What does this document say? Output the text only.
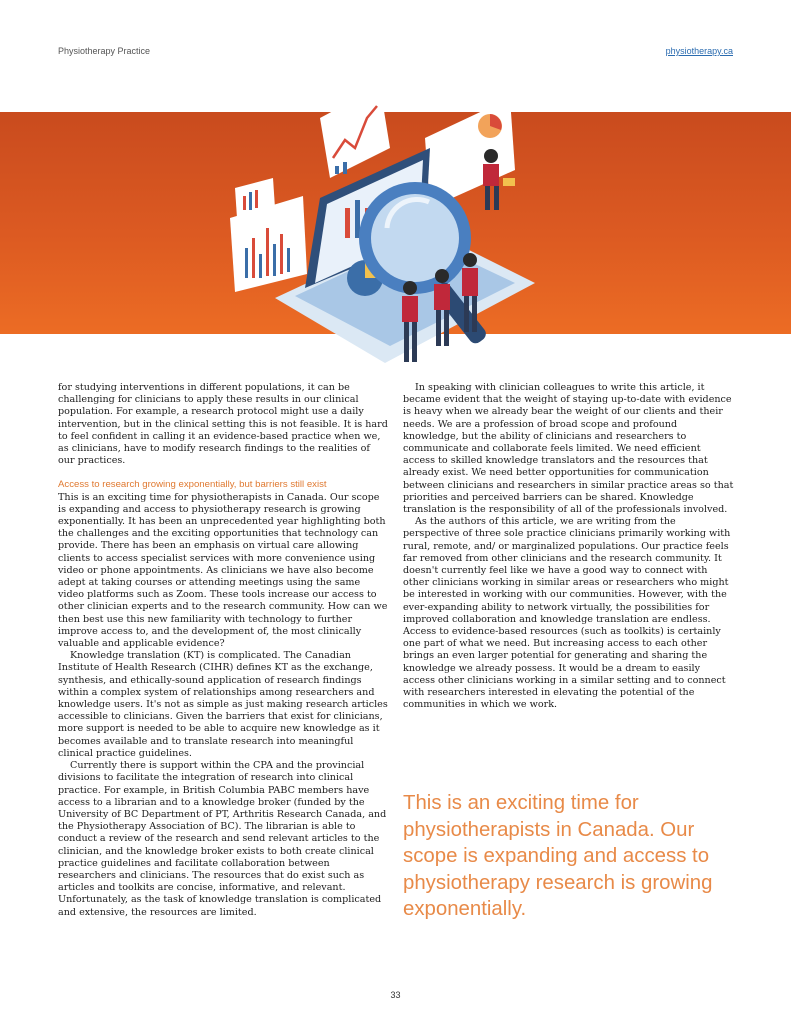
Physiotherapy Practice	physiotherapy.ca

for studying interventions in different populations, it can be challenging for clinicians to apply these results in our clinical population. For example, a research protocol might use a daily intervention, but in the clinical setting this is not feasible. It is hard to feel confident in calling it an evidence-based practice when we, as clinicians, have to modify research findings to the realities of our practices.

Access to research growing exponentially, but barriers still exist

This is an exciting time for physiotherapists in Canada. Our scope is expanding and access to physiotherapy research is growing exponentially. It has been an unprecedented year highlighting both the challenges and the exciting opportunities that technology can provide. There has been an emphasis on virtual care allowing clients to access specialist services with more convenience using video or phone appointments. As clinicians we have also become adept at taking courses or attending meetings using the same video platforms such as Zoom. These tools increase our access to other clinician experts and to the research community. How can we then best use this new familiarity with technology to further improve access to, and the development of, the most clinically valuable and applicable evidence?

Knowledge translation (KT) is complicated. The Canadian Institute of Health Research (CIHR) defines KT as the exchange, synthesis, and ethically-sound application of research findings within a complex system of relationships among researchers and knowledge users. It's not as simple as just making research articles accessible to clinicians. Given the barriers that exist for clinicians, more support is needed to be able to acquire new knowledge as it becomes available and to translate research into meaningful clinical practice guidelines.

Currently there is support within the CPA and the provincial divisions to facilitate the integration of research into clinical practice. For example, in British Columbia PABC members have access to a librarian and to a knowledge broker (funded by the University of BC Department of PT, Arthritis Research Canada, and the Physiotherapy Association of BC). The librarian is able to conduct a review of the research and send relevant articles to the clinician, and the knowledge broker exists to both create clinical practice guidelines and facilitate collaboration between researchers and clinicians. The resources that do exist such as articles and toolkits are concise, informative, and relevant. Unfortunately, as the task of knowledge translation is complicated and extensive, the resources are limited.

In speaking with clinician colleagues to write this article, it became evident that the weight of staying up-to-date with evidence is heavy when we already bear the weight of our clients and their needs. We are a profession of broad scope and profound knowledge, but the ability of clinicians and researchers to communicate and collaborate feels limited. We need efficient access to skilled knowledge translators and the resources that already exist. We need better opportunities for communication between clinicians and researchers in similar practice areas so that priorities and perceived barriers can be shared. Knowledge translation is the responsibility of all of the professionals involved.

As the authors of this article, we are writing from the perspective of three sole practice clinicians primarily working with rural, remote, and/ or marginalized populations. Our practice feels far removed from other clinicians and the research community. It doesn't currently feel like we have a good way to connect with other clinicians working in similar areas or researchers who might be interested in working with our communities. However, with the ever-expanding ability to network virtually, the possibilities for improved collaboration and knowledge translation are endless. Access to evidence-based resources (such as toolkits) is certainly one part of what we need. But increasing access to each other brings an even larger potential for generating and sharing the knowledge we already possess. It would be a dream to easily access other clinicians working in a similar setting and to connect with researchers interested in elevating the potential of the communities in which we work.

This is an exciting time for physiotherapists in Canada. Our scope is expanding and access to physiotherapy research is growing exponentially.
33
